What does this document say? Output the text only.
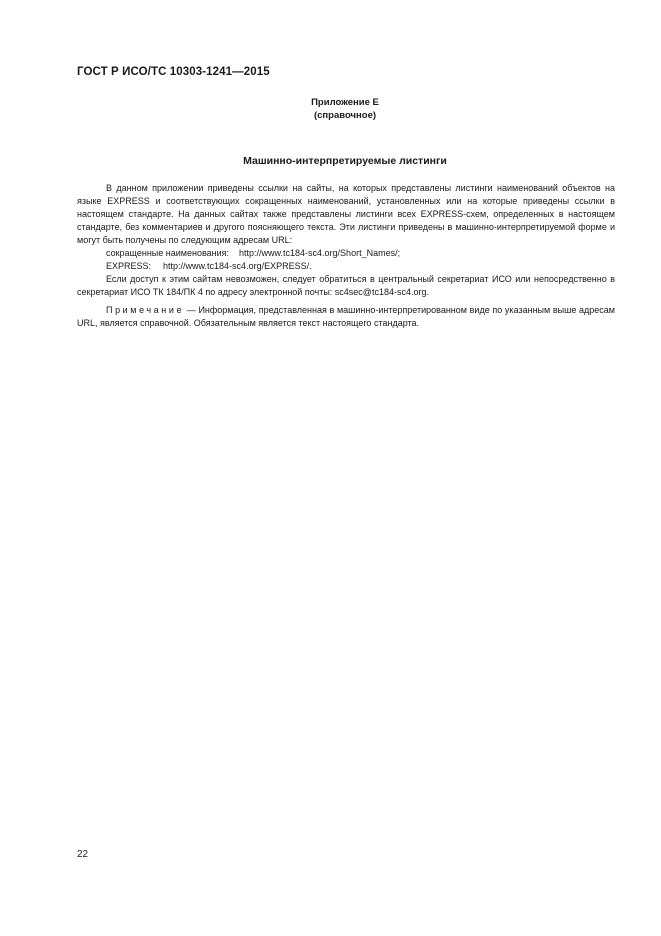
ГОСТ Р ИСО/ТС 10303-1241—2015
Приложение Е
(справочное)
Машинно-интерпретируемые листинги

В данном приложении приведены ссылки на сайты, на которых представлены листинги наименований объектов на языке EXPRESS и соответствующих сокращенных наименований, установленных или на которые приведены ссылки в настоящем стандарте. На данных сайтах также представлены листинги всех EXPRESS-схем, определенных в настоящем стандарте, без комментариев и другого поясняющего текста. Эти листинги приведены в машинно-интерпретируемой форме и могут быть получены по следующим адресам URL:

сокращенные наименования: http://www.tc184-sc4.org/Short_Names/;

EXPRESS: http://www.tc184-sc4.org/EXPRESS/.

Если доступ к этим сайтам невозможен, следует обратиться в центральный секретариат ИСО или непосредственно в секретариат ИСО ТК 184/ПК 4 по адресу электронной почты: sc4sec@tc184-sc4.org.

Примечание — Информация, представленная в машинно-интерпретированном виде по указанным выше адресам URL, является справочной. Обязательным является текст настоящего стандарта.

22
